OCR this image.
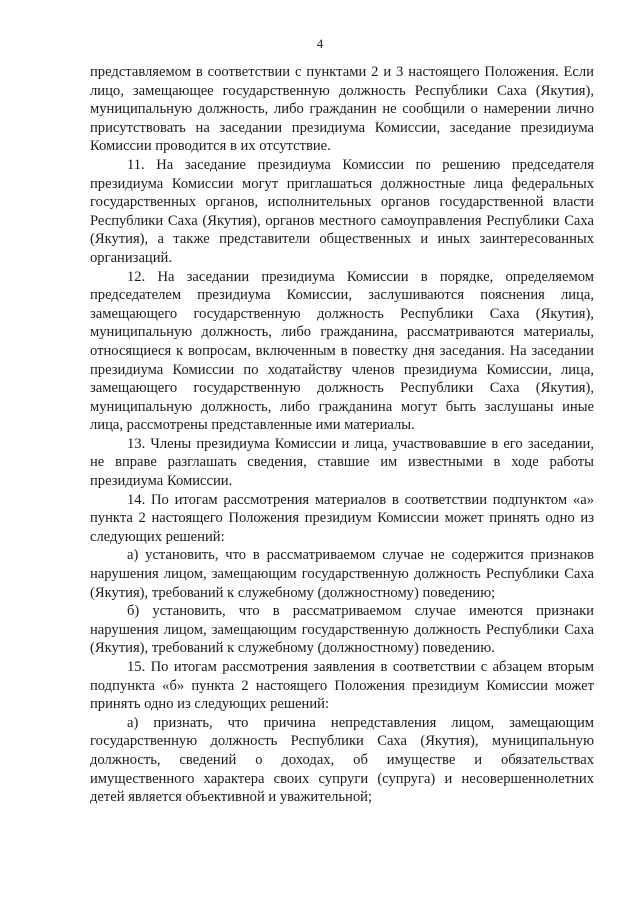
4

представляемом в соответствии с пунктами 2 и 3 настоящего Положения. Если лицо, замещающее государственную должность Республики Саха (Якутия), муниципальную должность, либо гражданин не сообщили о намерении лично присутствовать на заседании президиума Комиссии, заседание президиума Комиссии проводится в их отсутствие.

11. На заседание президиума Комиссии по решению председателя президиума Комиссии могут приглашаться должностные лица федеральных государственных органов, исполнительных органов государственной власти Республики Саха (Якутия), органов местного самоуправления Республики Саха (Якутия), а также представители общественных и иных заинтересованных организаций.

12. На заседании президиума Комиссии в порядке, определяемом председателем президиума Комиссии, заслушиваются пояснения лица, замещающего государственную должность Республики Саха (Якутия), муниципальную должность, либо гражданина, рассматриваются материалы, относящиеся к вопросам, включенным в повестку дня заседания. На заседании президиума Комиссии по ходатайству членов президиума Комиссии, лица, замещающего государственную должность Республики Саха (Якутия), муниципальную должность, либо гражданина могут быть заслушаны иные лица, рассмотрены представленные ими материалы.

13. Члены президиума Комиссии и лица, участвовавшие в его заседании, не вправе разглашать сведения, ставшие им известными в ходе работы президиума Комиссии.

14. По итогам рассмотрения материалов в соответствии подпунктом «а» пункта 2 настоящего Положения президиум Комиссии может принять одно из следующих решений:

а) установить, что в рассматриваемом случае не содержится признаков нарушения лицом, замещающим государственную должность Республики Саха (Якутия), требований к служебному (должностному) поведению;

б) установить, что в рассматриваемом случае имеются признаки нарушения лицом, замещающим государственную должность Республики Саха (Якутия), требований к служебному (должностному) поведению.

15. По итогам рассмотрения заявления в соответствии с абзацем вторым подпункта «б» пункта 2 настоящего Положения президиум Комиссии может принять одно из следующих решений:

а) признать, что причина непредставления лицом, замещающим государственную должность Республики Саха (Якутия), муниципальную должность, сведений о доходах, об имуществе и обязательствах имущественного характера своих супруги (супруга) и несовершеннолетних детей является объективной и уважительной;
